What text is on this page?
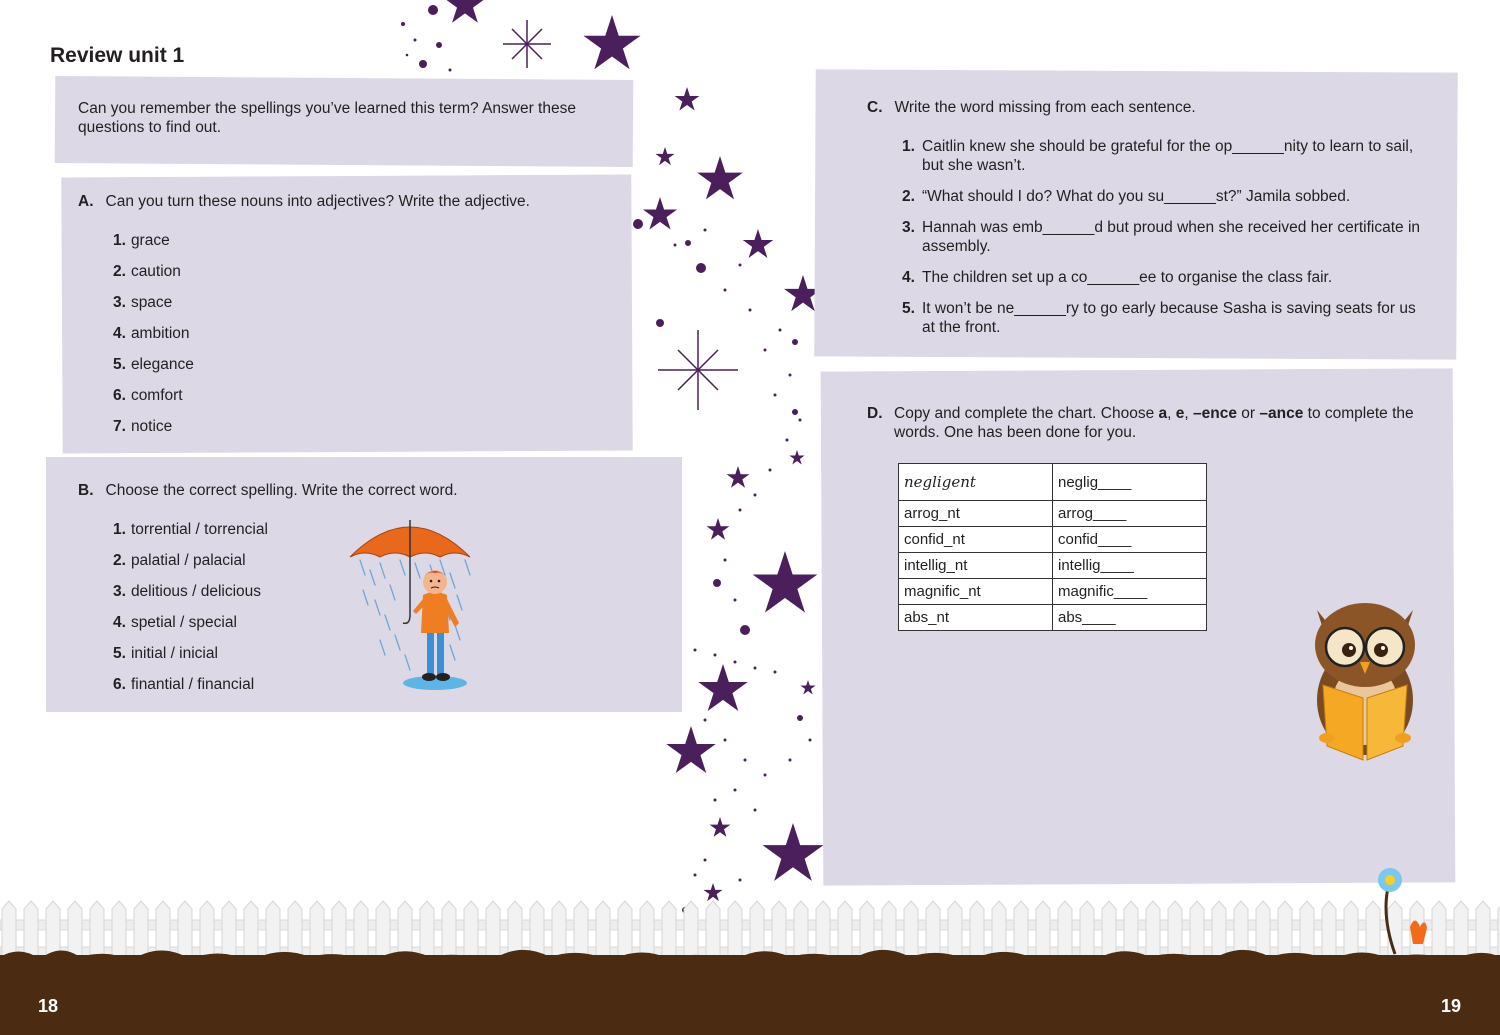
Review unit 1
Can you remember the spellings you’ve learned this term? Answer these questions to find out.
A. Can you turn these nouns into adjectives? Write the adjective.
1. grace
2. caution
3. space
4. ambition
5. elegance
6. comfort
7. notice
B. Choose the correct spelling. Write the correct word.
1. torrential / torrencial
2. palatial / palacial
3. delitious / delicious
4. spetial / special
5. initial / inicial
6. finantial / financial
C. Write the word missing from each sentence.
1. Caitlin knew she should be grateful for the op______nity to learn to sail, but she wasn’t.
2. “What should I do? What do you su______st?” Jamila sobbed.
3. Hannah was emb______d but proud when she received her certificate in assembly.
4. The children set up a co______ee to organise the class fair.
5. It won’t be ne______ry to go early because Sasha is saving seats for us at the front.
D. Copy and complete the chart. Choose a, e, –ence or –ance to complete the words. One has been done for you.
negligent	neglig____
arrog_nt	arrog____
confid_nt	confid____
intellig_nt	intellig____
magnific_nt	magnific____
abs_nt	abs____
18	19
